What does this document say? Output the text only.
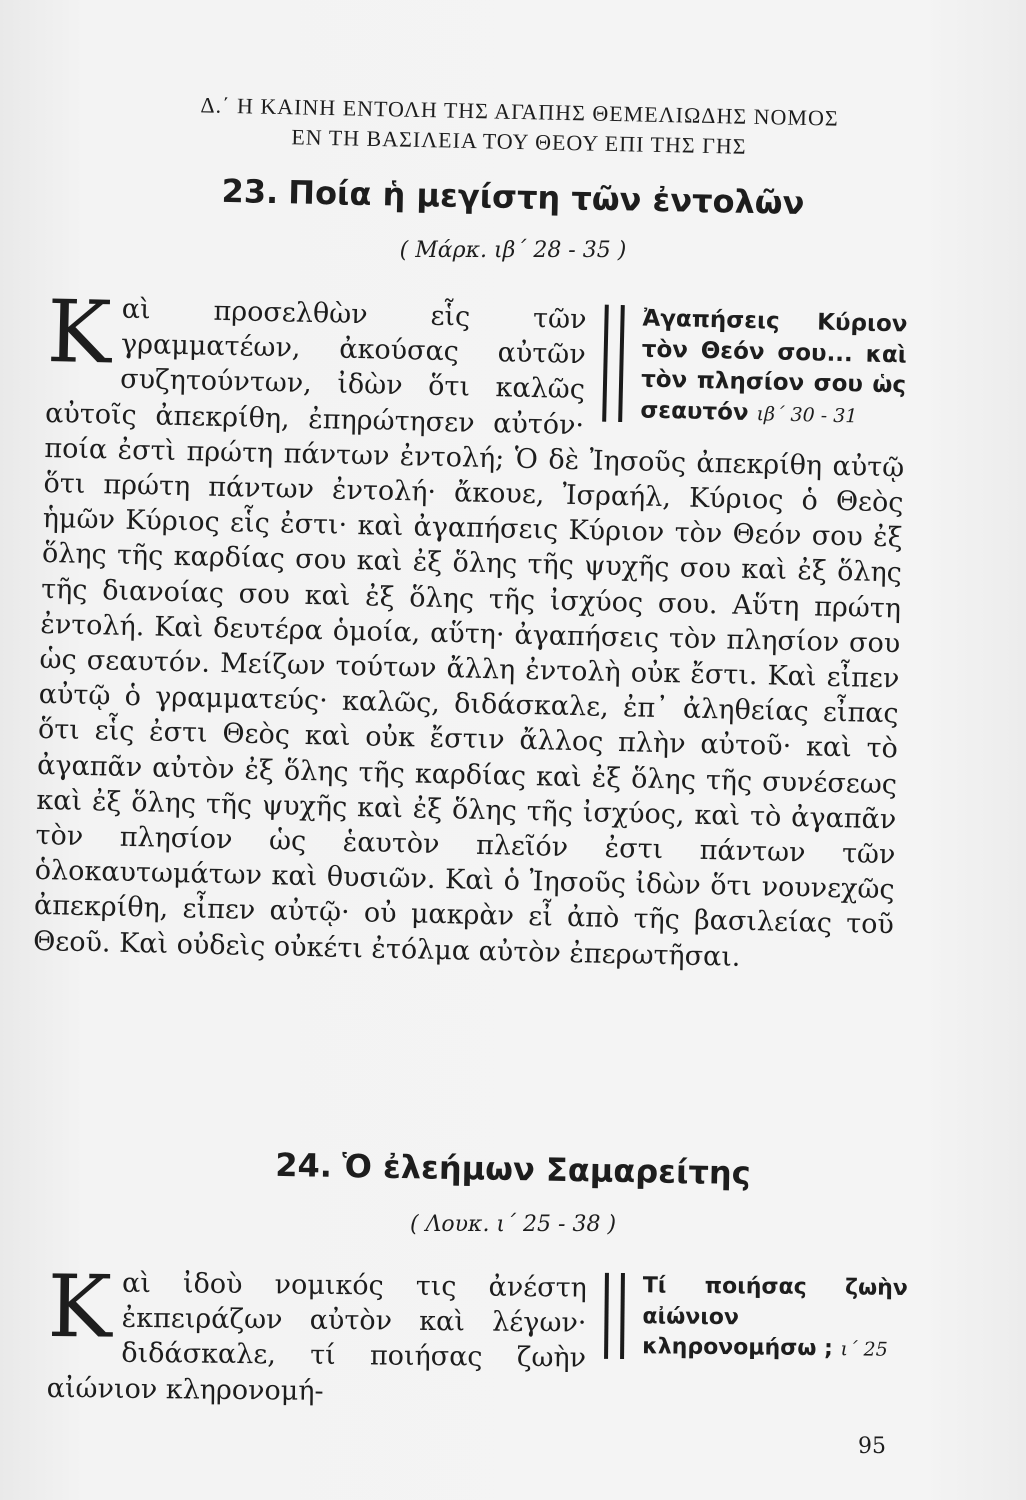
Δ.΄ Η ΚΑΙΝΗ ΕΝΤΟΛΗ ΤΗΣ ΑΓΑΠΗΣ ΘΕΜΕΛΙΩΔΗΣ ΝΟΜΟΣ
ΕΝ ΤΗ ΒΑΣΙΛΕΙΑ ΤΟΥ ΘΕΟΥ ΕΠΙ ΤΗΣ ΓΗΣ
23. Ποία ἡ μεγίστη τῶν ἐντολῶν
( Μάρκ. ιβ΄ 28 - 35 )
Ἀγαπήσεις Κύριον τὸν Θεόν σου... καὶ τὸν πλησίον σου ὡς σεαυτόν ιβ΄ 30 - 31
Κ αὶ προσελθὼν εἷς τῶν γραμματέων, ἀκούσας αὐτῶν συζητούντων, ἰδὼν ὅτι καλῶς αὐτοῖς ἀπεκρίθη, ἐπηρώτησεν αὐτόν· ποία ἐστὶ πρώτη πάντων ἐντολή; Ὁ δὲ Ἰησοῦς ἀπεκρίθη αὐτῷ ὅτι πρώτη πάντων ἐντολή· ἄκουε, Ἰσραήλ, Κύριος ὁ Θεὸς ἡμῶν Κύριος εἷς ἐστι· καὶ ἀγαπήσεις Κύριον τὸν Θεόν σου ἐξ ὅλης τῆς καρδίας σου καὶ ἐξ ὅλης τῆς ψυχῆς σου καὶ ἐξ ὅλης τῆς διανοίας σου καὶ ἐξ ὅλης τῆς ἰσχύος σου. Αὕτη πρώτη ἐντολή. Καὶ δευτέρα ὁμοία, αὕτη· ἀγαπήσεις τὸν πλησίον σου ὡς σεαυτόν. Μείζων τούτων ἄλλη ἐντολὴ οὐκ ἔστι. Καὶ εἶπεν αὐτῷ ὁ γραμματεύς· καλῶς, διδάσκαλε, ἐπ᾿ ἀληθείας εἶπας ὅτι εἷς ἐστι Θεὸς καὶ οὐκ ἔστιν ἄλλος πλὴν αὐτοῦ· καὶ τὸ ἀγαπᾶν αὐτὸν ἐξ ὅλης τῆς καρδίας καὶ ἐξ ὅλης τῆς συνέσεως καὶ ἐξ ὅλης τῆς ψυχῆς καὶ ἐξ ὅλης τῆς ἰσχύος, καὶ τὸ ἀγαπᾶν τὸν πλησίον ὡς ἑαυτὸν πλεῖόν ἐστι πάντων τῶν ὁλοκαυτωμάτων καὶ θυσιῶν. Καὶ ὁ Ἰησοῦς ἰδὼν ὅτι νουνεχῶς ἀπεκρίθη, εἶπεν αὐτῷ· οὐ μακρὰν εἶ ἀπὸ τῆς βασιλείας τοῦ Θεοῦ. Καὶ οὐδεὶς οὐκέτι ἐτόλμα αὐτὸν ἐπερωτῆσαι.
24. Ὁ ἐλεήμων Σαμαρείτης
( Λουκ. ι΄ 25 - 38 )
Τί ποιήσας ζωὴν αἰώνιον κληρονομήσω ; ι΄ 25
Κ αὶ ἰδοὺ νομικός τις ἀνέστη ἐκπειράζων αὐτὸν καὶ λέγων· διδάσκαλε, τί ποιήσας ζωὴν αἰώνιον κληρονομή-
95
